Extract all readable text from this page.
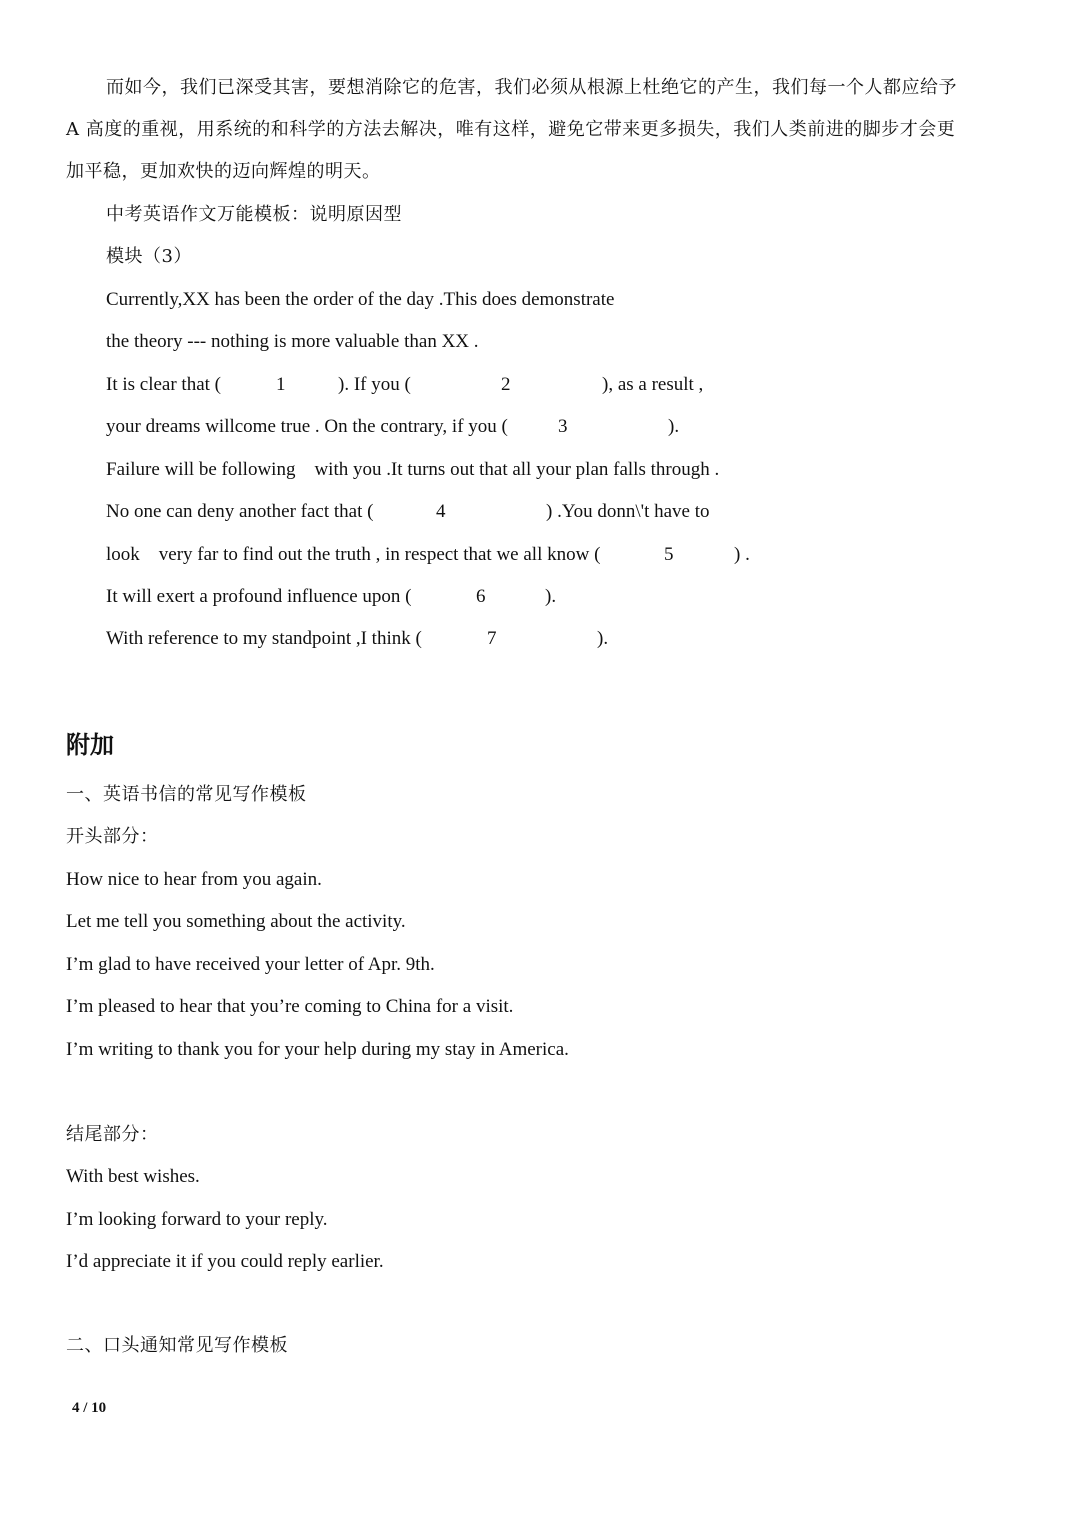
而如今，我们已深受其害，要想消除它的危害，我们必须从根源上杜绝它的产生，我们每一个人都应给予
A 高度的重视，用系统的和科学的方法去解决，唯有这样，避免它带来更多损失，我们人类前进的脚步才会更
加平稳，更加欢快的迈向辉煌的明天。
中考英语作文万能模板：说明原因型
模块（3）
Currently,XX has been the order of the day .This does demonstrate
the theory --- nothing is more valuable than XX .
It is clear that (	1	). If you (	2	), as a result ,
your dreams willcome true . On the contrary, if you (	3	).
Failure will be following    with you .It turns out that all your plan falls through .
No one can deny another fact that (	4	) .You donn\'t have to
look    very far to find out the truth , in respect that we all know (	5	) .
It will exert a profound influence upon (	6	).
With reference to my standpoint ,I think (	7	).
附加
一、英语书信的常见写作模板
开头部分：
How nice to hear from you again.
Let me tell you something about the activity.
I’m glad to have received your letter of Apr. 9th.
I’m pleased to hear that you’re coming to China for a visit.
I’m writing to thank you for your help during my stay in America.
结尾部分：
With best wishes.
I’m looking forward to your reply.
I’d appreciate it if you could reply earlier.
二、口头通知常见写作模板
4 / 10
